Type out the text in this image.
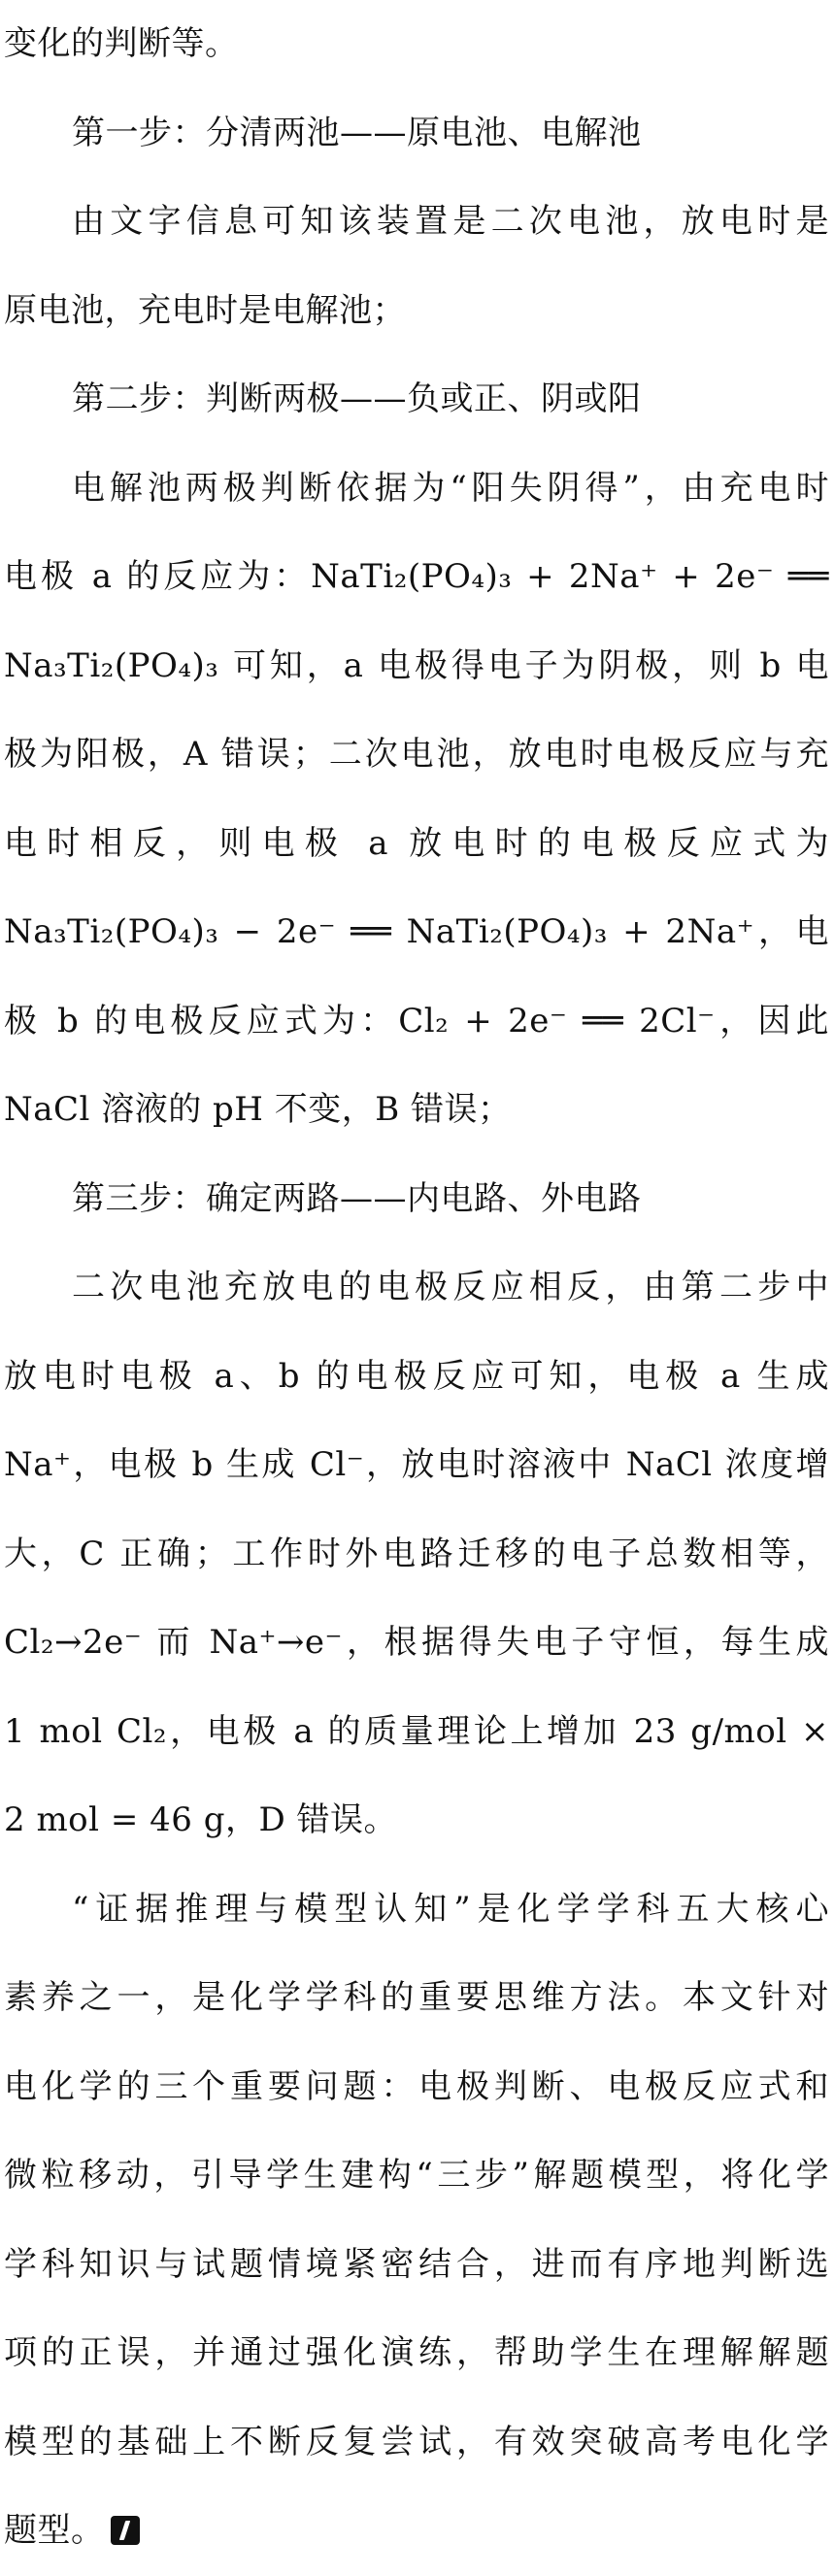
变化的判断等。
第一步：分清两池——原电池、电解池
由文字信息可知该装置是二次电池，放电时是
原电池，充电时是电解池；
第二步：判断两极——负或正、阴或阳
电解池两极判断依据为“阳失阴得”，由充电时
电极 a 的反应为：NaTi₂(PO₄)₃ + 2Na⁺ + 2e⁻ ══
Na₃Ti₂(PO₄)₃ 可知，a 电极得电子为阴极，则 b 电
极为阳极，A 错误；二次电池，放电时电极反应与充
电时相反，则电极 a 放电时的电极反应式为
Na₃Ti₂(PO₄)₃ − 2e⁻ ══ NaTi₂(PO₄)₃ + 2Na⁺，电
极 b 的电极反应式为：Cl₂ + 2e⁻ ══ 2Cl⁻，因此
NaCl 溶液的 pH 不变，B 错误；
第三步：确定两路——内电路、外电路
二次电池充放电的电极反应相反，由第二步中
放电时电极 a、b 的电极反应可知，电极 a 生成
Na⁺，电极 b 生成 Cl⁻，放电时溶液中 NaCl 浓度增
大，C 正确；工作时外电路迁移的电子总数相等，
Cl₂→2e⁻ 而 Na⁺→e⁻，根据得失电子守恒，每生成
1 mol Cl₂，电极 a 的质量理论上增加 23 g/mol ×
2 mol = 46 g，D 错误。
“证据推理与模型认知”是化学学科五大核心
素养之一，是化学学科的重要思维方法。本文针对
电化学的三个重要问题：电极判断、电极反应式和
微粒移动，引导学生建构“三步”解题模型，将化学
学科知识与试题情境紧密结合，进而有序地判断选
项的正误，并通过强化演练，帮助学生在理解解题
模型的基础上不断反复尝试，有效突破高考电化学
题型。
